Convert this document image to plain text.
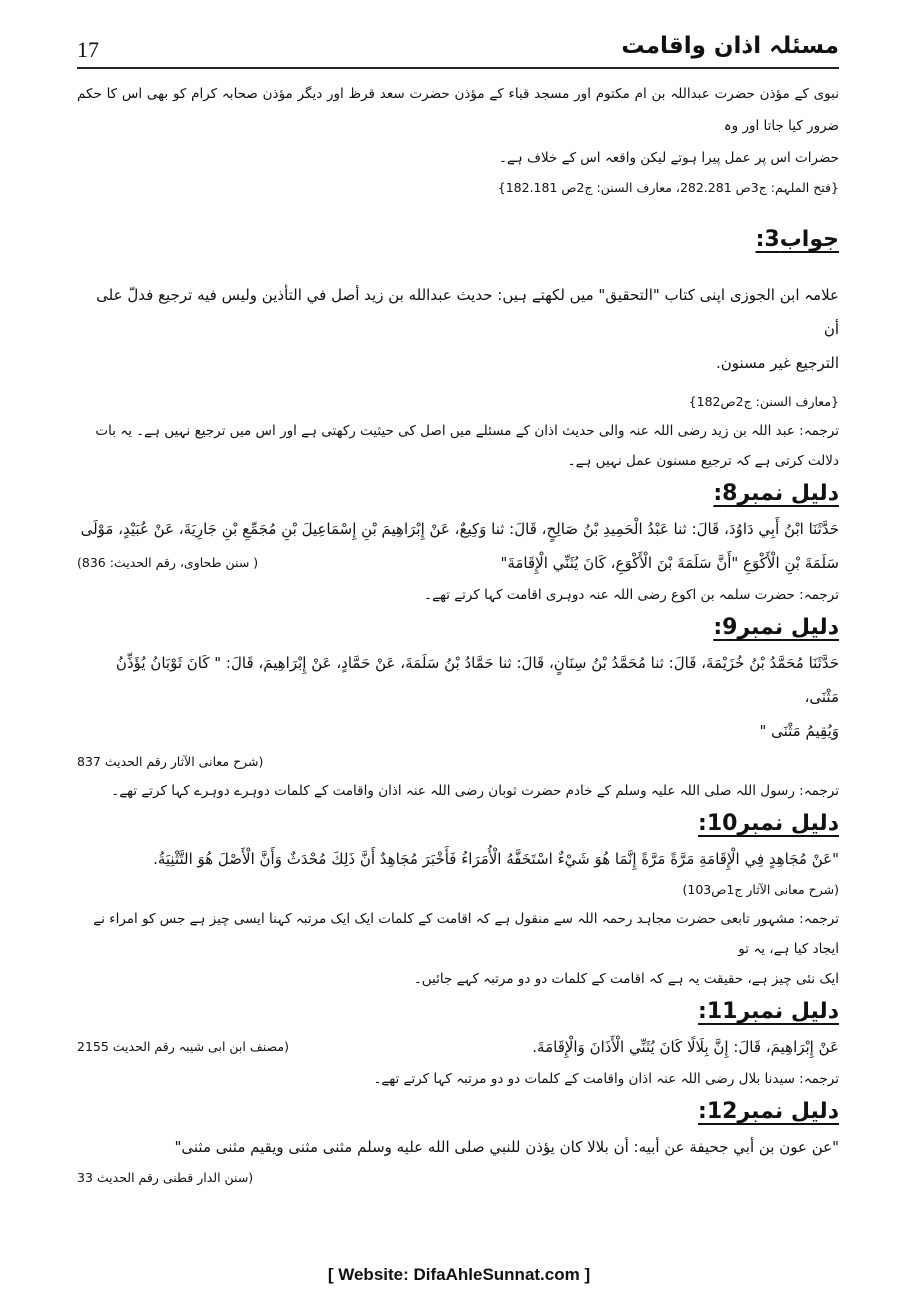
17	مسئلہ اذان واقامت
نبوی کے مؤذن حضرت عبداللہ بن ام مکتوم اور مسجد قباء کے مؤذن حضرت سعد قرظ اور دیگر مؤذن صحابہ کرام کو بھی اس کا حکم ضرور کیا جاتا اور وہ
حضرات اس پر عمل پیرا ہوتے لیکن واقعہ اس کے خلاف ہے۔
{فتح الملہم: ج3ص 282.281، معارف السنن: ج2ص 182.181}
جواب3:
علامہ ابن الجوزی اپنی کتاب "التحقیق" میں لکھتے ہیں: حديث عبدالله بن زيد أصل في التأذين وليس فيه ترجيع فدلّ على أن
الترجيع غير مسنون.
{معارف السنن: ج2ص182}
ترجمہ: عبد اللہ بن زید رضی اللہ عنہ والی حدیث اذان کے مسئلے میں اصل کی حیثیت رکھتی ہے اور اس میں ترجیع نہیں ہے۔ یہ بات
دلالت کرتی ہے کہ ترجیع مسنون عمل نہیں ہے۔
دلیل نمبر8:
حَدَّثَنَا ابْنُ أَبِي دَاوُدَ، قَالَ: ثنا عَبْدُ الْحَمِيدِ بْنُ صَالِحٍ، قَالَ: ثنا وَكِيعٌ، عَنْ إِبْرَاهِيمَ بْنِ إِسْمَاعِيلَ بْنِ مُجَمِّعِ بْنِ جَارِيَةَ، عَنْ عُبَيْدٍ، مَوْلَى
سَلَمَةَ بْنِ الْأَكْوَعِ "أَنَّ سَلَمَةَ بْنَ الْأَكْوَعِ، كَانَ يُثَنِّي الْإِقَامَةَ"
( سنن طحاوی، رقم الحدیث: 836)
ترجمہ: حضرت سلمہ بن اکوع رضی اللہ عنہ دوہری اقامت کہا کرتے تھے۔
دلیل نمبر9:
حَدَّثَنَا مُحَمَّدُ بْنُ خُزَيْمَةَ، قَالَ: ثنا مُحَمَّدُ بْنُ سِنَانٍ، قَالَ: ثنا حَمَّادُ بْنُ سَلَمَةَ، عَنْ حَمَّادٍ، عَنْ إِبْرَاهِيمَ، قَالَ: " كَانَ ثَوْبَانُ يُؤَذِّنُ مَثْنَى،
وَيُقِيمُ مَثْنَى "
(شرح معانی الآثار رقم الحدیث 837
ترجمہ: رسول اللہ صلی اللہ علیہ وسلم کے خادم حضرت ثوبان رضی اللہ عنہ اذان واقامت کے کلمات دوہرے دوہرے کہا کرتے تھے۔
دلیل نمبر10:
"عَنْ مُجَاهِدٍ فِي الْإِقَامَةِ مَرَّةً مَرَّةً إِنَّمَا هُوَ شَيْءٌ اسْتَخَفَّهُ الْأُمَرَاءُ فَأَخْبَرَ مُجَاهِدٌ أَنَّ ذَلِكَ مُحْدَثٌ وَأَنَّ الْأَصْلَ هُوَ التَّثْنِيَةُ.
(شرح معانی الآثار ج1ص103)
ترجمہ: مشہور تابعی حضرت مجاہد رحمہ اللہ سے منقول ہے کہ اقامت کے کلمات ایک ایک مرتبہ کہنا ایسی چیز ہے جس کو امراء نے ایجاد کیا ہے، یہ تو
ایک نئی چیز ہے، حقیقت یہ ہے کہ اقامت کے کلمات دو دو مرتبہ کہے جائیں۔
دلیل نمبر11:
عَنْ إِبْرَاهِيمَ، قَالَ: إِنَّ بِلَالًا كَانَ يُثَنِّي الْأَذَانَ وَالْإِقَامَةَ.
(مصنف ابن ابی شیبہ رقم الحدیث 2155
ترجمہ: سیدنا بلال رضی اللہ عنہ اذان واقامت کے کلمات دو دو مرتبہ کہا کرتے تھے۔
دلیل نمبر12:
"عن عون بن أبي جحيفة عن أبيه: أن بلالا كان يؤذن للنبي صلى الله عليه وسلم مثنى مثنى ويقيم مثنى مثنى"
(سنن الدار قطنی رقم الحدیث 33
[ Website: DifaAhleSunnat.com ]
